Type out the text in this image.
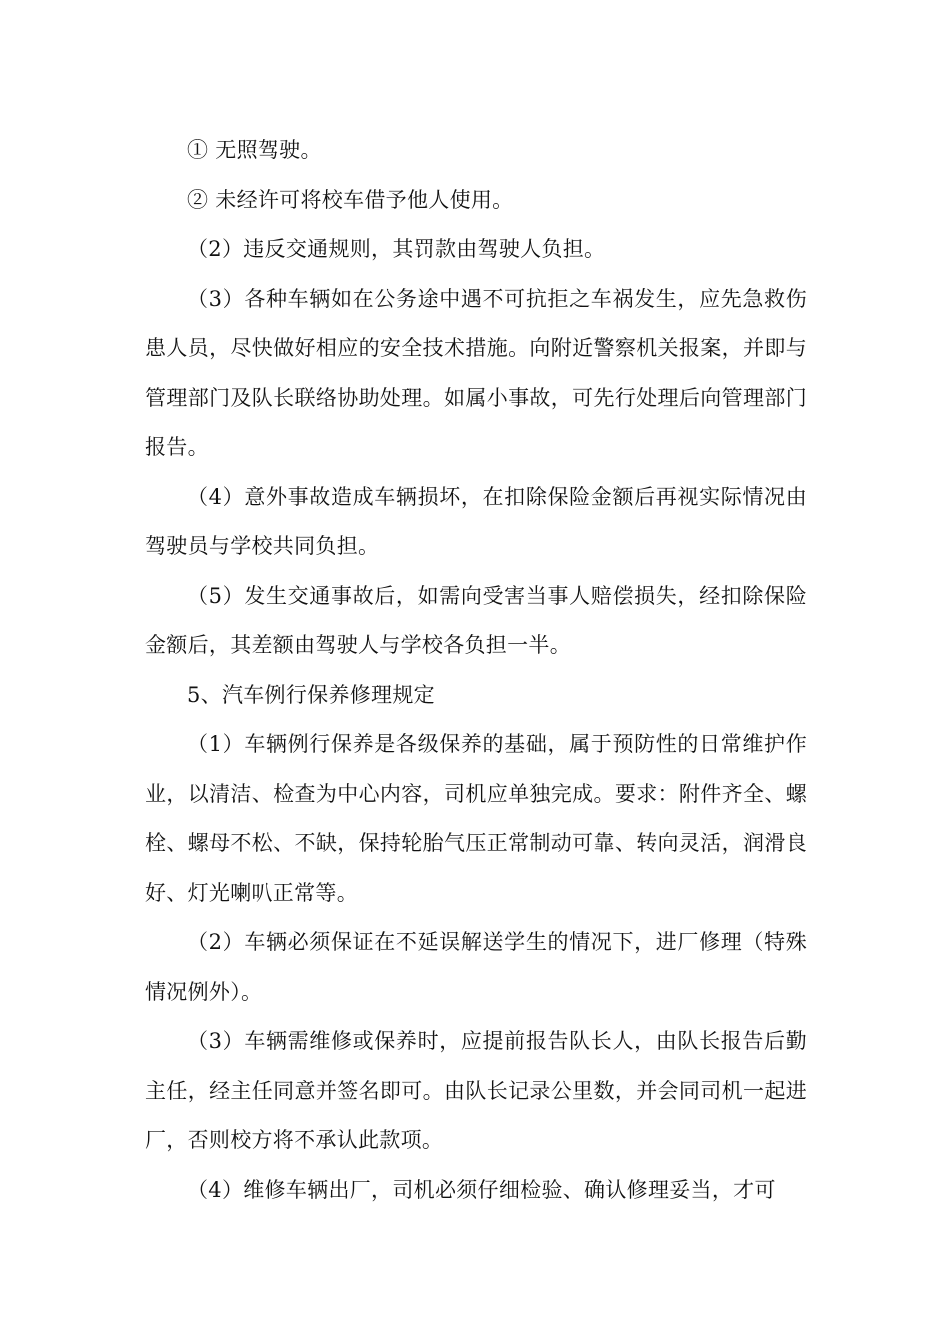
① 无照驾驶。

② 未经许可将校车借予他人使用。

（2）违反交通规则，其罚款由驾驶人负担。

（3）各种车辆如在公务途中遇不可抗拒之车祸发生，应先急救伤患人员，尽快做好相应的安全技术措施。向附近警察机关报案，并即与管理部门及队长联络协助处理。如属小事故，可先行处理后向管理部门报告。

（4）意外事故造成车辆损坏，在扣除保险金额后再视实际情况由驾驶员与学校共同负担。

（5）发生交通事故后，如需向受害当事人赔偿损失，经扣除保险金额后，其差额由驾驶人与学校各负担一半。

5、汽车例行保养修理规定

（1）车辆例行保养是各级保养的基础，属于预防性的日常维护作业，以清洁、检查为中心内容，司机应单独完成。要求：附件齐全、螺栓、螺母不松、不缺，保持轮胎气压正常制动可靠、转向灵活，润滑良好、灯光喇叭正常等。

（2）车辆必须保证在不延误解送学生的情况下，进厂修理（特殊情况例外）。

（3）车辆需维修或保养时，应提前报告队长人，由队长报告后勤主任，经主任同意并签名即可。由队长记录公里数，并会同司机一起进厂，否则校方将不承认此款项。

（4）维修车辆出厂，司机必须仔细检验、确认修理妥当，才可
